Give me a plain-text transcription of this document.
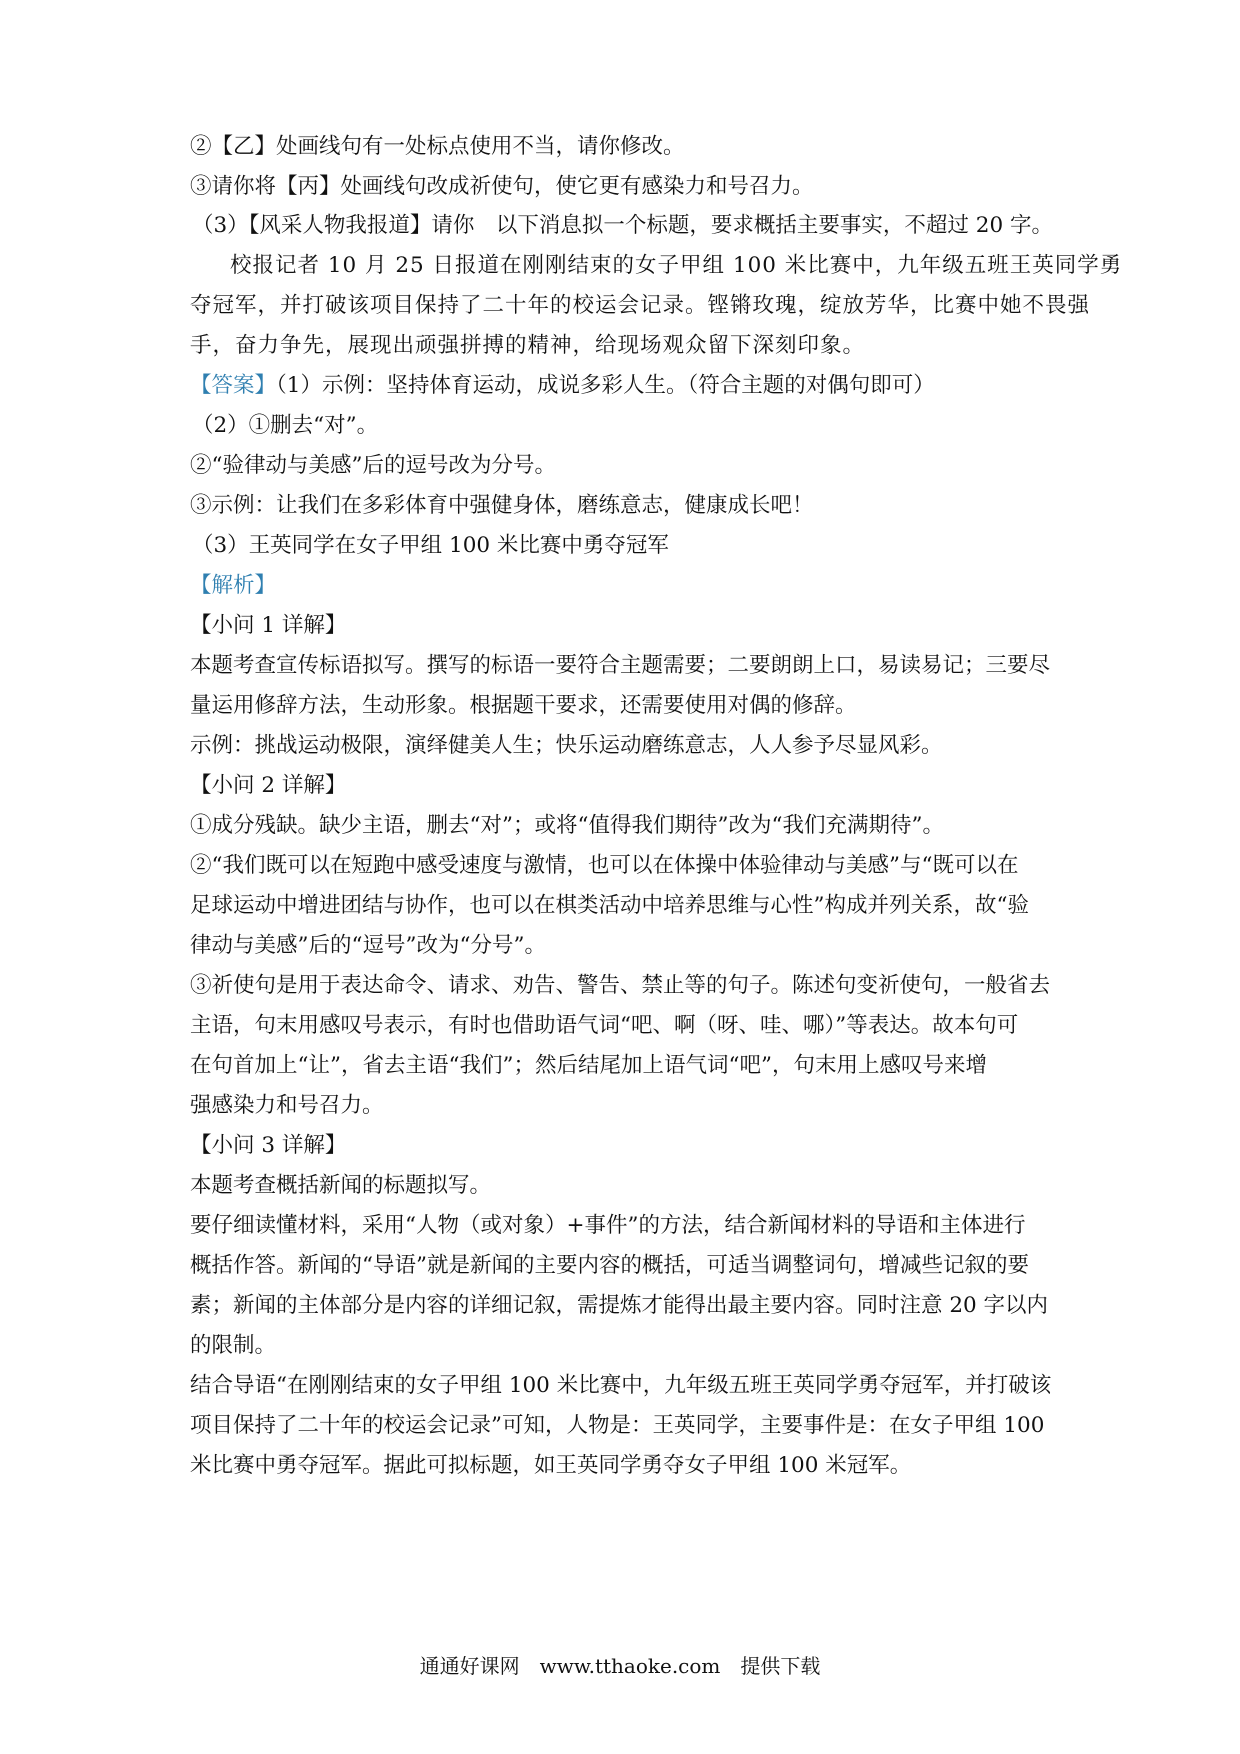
②【乙】处画线句有一处标点使用不当，请你修改。
③请你将【丙】处画线句改成祈使句，使它更有感染力和号召力。
（3）【风采人物我报道】请你　以下消息拟一个标题，要求概括主要事实，不超过 20 字。
校报记者 10 月 25 日报道在刚刚结束的女子甲组 100 米比赛中，九年级五班王英同学勇
夺冠军，并打破该项目保持了二十年的校运会记录。铿锵玫瑰，绽放芳华，比赛中她不畏强
手，奋力争先，展现出顽强拼搏的精神，给现场观众留下深刻印象。
【答案】（1）示例：坚持体育运动，成说多彩人生。（符合主题的对偶句即可）
（2）①删去“对”。
②“验律动与美感”后的逗号改为分号。
③示例：让我们在多彩体育中强健身体，磨练意志，健康成长吧！
（3）王英同学在女子甲组 100 米比赛中勇夺冠军
【解析】
【小问 1 详解】
本题考查宣传标语拟写。撰写的标语一要符合主题需要；二要朗朗上口，易读易记；三要尽
量运用修辞方法，生动形象。根据题干要求，还需要使用对偶的修辞。
示例：挑战运动极限，演绎健美人生；快乐运动磨练意志，人人参予尽显风彩。
【小问 2 详解】
①成分残缺。缺少主语，删去“对”；或将“值得我们期待”改为“我们充满期待”。
②“我们既可以在短跑中感受速度与激情，也可以在体操中体验律动与美感”与“既可以在
足球运动中增进团结与协作，也可以在棋类活动中培养思维与心性”构成并列关系，故“验
律动与美感”后的“逗号”改为“分号”。
③祈使句是用于表达命令、请求、劝告、警告、禁止等的句子。陈述句变祈使句，一般省去
主语，句末用感叹号表示，有时也借助语气词“吧、啊（呀、哇、哪）”等表达。故本句可
在句首加上“让”，省去主语“我们”；然后结尾加上语气词“吧”，句末用上感叹号来增
强感染力和号召力。
【小问 3 详解】
本题考查概括新闻的标题拟写。
要仔细读懂材料，采用“人物（或对象）+事件”的方法，结合新闻材料的导语和主体进行
概括作答。新闻的“导语”就是新闻的主要内容的概括，可适当调整词句，增减些记叙的要
素；新闻的主体部分是内容的详细记叙，需提炼才能得出最主要内容。同时注意 20 字以内
的限制。
结合导语“在刚刚结束的女子甲组 100 米比赛中，九年级五班王英同学勇夺冠军，并打破该
项目保持了二十年的校运会记录”可知，人物是：王英同学，主要事件是：在女子甲组 100
米比赛中勇夺冠军。据此可拟标题，如王英同学勇夺女子甲组 100 米冠军。
通通好课网　www.tthaoke.com　提供下载
